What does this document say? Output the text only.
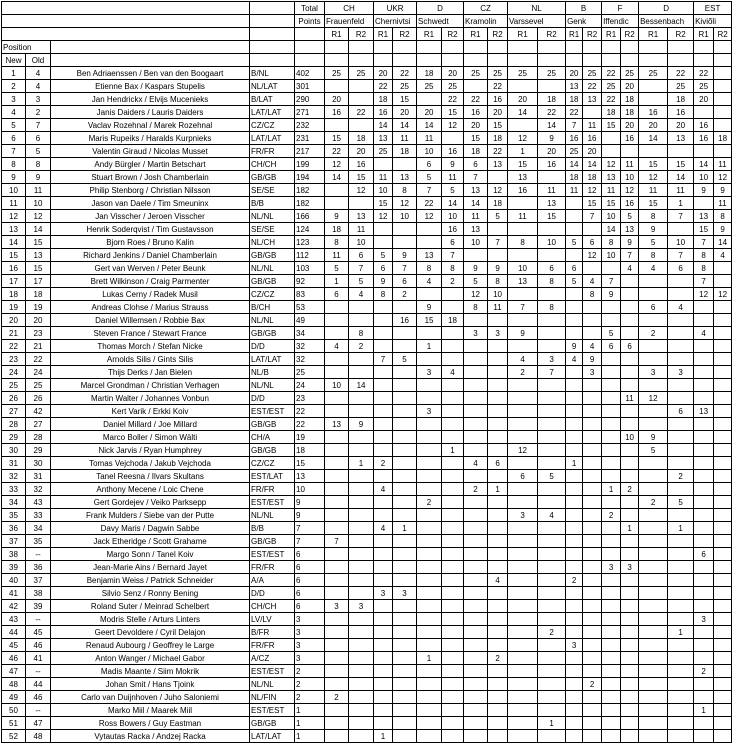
				Total	CH		UKR		D		CZ		NL		B		F		D		EST	
				Points	Frauenfeld		Chernivtsi		Schwedt		Kramolin		Varssevel		Genk		Iffendic		Bessenbach		Kiviõli	
					R1	R2	R1	R2	R1	R2	R1	R2	R1	R2	R1	R2	R1	R2	R1	R2	R1	R2
Position																						
New	Old																					
1	4	Ben Adriaenssen / Ben van den Boogaart	B/NL	402	25	25	20	22	18	20	25	25	25	25	20	25	22	25	25	22	22	
2	4	Etienne Bax / Kaspars Stupelis	NL/LAT	301			22	25	25	25		22			13	22	25	20		25	25	
3	3	Jan Hendrickx / Elvijs Mucenieks	B/LAT	290	20		18	15		22	22	16	20	18	18	13	22	18		18	20	
4	2	Janis Daiders / Lauris Daiders	LAT/LAT	271	16	22	16	20	20	15	16	20	14	22	22		18	18	16	16		
5	7	Vaclav Rozehnal / Marek Rozehnal	CZ/CZ	232			14	14	14	12	20	15		14	7	11	15	20	20	20	16	
6	6	Maris Rupeiks / Haralds Kurpnieks	LAT/LAT	231	15	18	13	11	11		15	18	12	9	16	16		16	14	13	16	18
7	5	Valentin Giraud / Nicolas Musset	FR/FR	217	22	20	25	18	10	16	18	22	1	20	25	20						
8	8	Andy Bürgler / Martin Betschart	CH/CH	199	12	16			6	9	6	13	15	16	14	14	12	11	15	15	14	11
9	9	Stuart Brown / Josh Chamberlain	GB/GB	194	14	15	11	13	5	11	7		13		18	18	13	10	12	14	10	12
10	11	Philip Stenborg / Christian Nilsson	SE/SE	182		12	10	8	7	5	13	12	16	11	11	12	11	12	11	11	9	9
11	10	Jason van Daele / Tim Smeuninx	B/B	182			15	12	22	14	14	18		13		15	15	16	15	1		11
12	12	Jan Visscher / Jeroen Visscher	NL/NL	166	9	13	12	10	12	10	11	5	11	15		7	10	5	8	7	13	8
13	14	Henrik Soderqvist / Tim Gustavsson	SE/SE	124	18	11				16	13						14	13	9		15	9
14	15	Bjorn Roes / Bruno Kalin	NL/CH	123	8	10				6	10	7	8	10	5	6	8	9	5	10	7	14
15	13	Richard Jenkins / Daniel Chamberlain	GB/GB	112	11	6	5	9	13	7						12	10	7	8	7	8	4
16	15	Gert van Werven / Peter Beunk	NL/NL	103	5	7	6	7	8	8	9	9	10	6	6			4	4	6	8	
17	17	Brett Wilkinson / Craig Parmenter	GB/GB	92	1	5	9	6	4	2	5	8	13	8	5	4	7				7	
18	18	Lukas Cerny / Radek Musil	CZ/CZ	83	6	4	8	2			12	10				8	9				12	12
19	19	Andreas Clohse / Marius Strauss	B/CH	53					9		8	11	7	8					6	4		
20	20	Daniel Willemsen / Robbie Bax	NL/NL	49				16	15	18												
21	23	Steven France / Stewart France	GB/GB	34		8					3	3	9				5		2		4	
22	21	Thomas Morch / Stefan Nicke	D/D	32	4	2			1						9	4	6	6				
23	22	Arnolds Silis / Gints Silis	LAT/LAT	32			7	5					4	3	4	9						
24	24	Thijs Derks / Jan Bielen	NL/B	25					3	4			2	7		3			3	3		
25	25	Marcel Grondman / Christian Verhagen	NL/NL	24	10	14																
26	26	Martin Walter / Johannes Vonbun	D/D	23														11	12			
27	42	Kert Varik / Erkki Koiv	EST/EST	22					3											6	13	
28	27	Daniel Millard / Joe Millard	GB/GB	22	13	9																
29	28	Marco Boller / Simon Wälti	CH/A	19														10	9			
30	29	Nick Jarvis / Ryan Humphrey	GB/GB	18						1			12						5			
31	30	Tomas Vejchoda / Jakub Vejchoda	CZ/CZ	15		1	2				4	6			1							
32	31	Tanel Reesna / Ilvars Skultans	EST/LAT	13									6	5						2		
33	32	Anthony Mecene / Loic Chene	FR/FR	10			4				2	1					1	2				
34	43	Gert Gordejev / Veiko Parksepp	EST/EST	9					2										2	5		
35	33	Frank Mulders / Siebe van der Putte	NL/NL	9									3	4			2					
36	34	Davy Maris / Dagwin Sabbe	B/B	7			4	1										1		1		
37	35	Jack Etheridge / Scott Grahame	GB/GB	7	7																	
38	--	Margo Sonn / Tanel Koiv	EST/EST	6																	6	
39	36	Jean-Marie Ains / Bernard Jayet	FR/FR	6													3	3				
40	37	Benjamin Weiss / Patrick Schneider	A/A	6								4			2							
41	38	Silvio Senz / Ronny Bening	D/D	6			3	3														
42	39	Roland Suter / Meinrad Schelbert	CH/CH	6	3	3																
43	--	Modris Stelle / Arturs Linters	LV/LV	3																	3	
44	45	Geert Devoldere / Cyril Delajon	B/FR	3										2						1		
45	46	Renaud Aubourg / Geoffrey le Large	FR/FR	3											3							
46	41	Anton Wanger / Michael Gabor	A/CZ	3					1			2										
47	--	Madis Maante / Siim Mokrik	EST/EST	2																	2	
48	44	Johan Smit / Hans Tjoink	NL/NL	2												2						
49	46	Carlo van Duijnhoven / Juho Saloniemi	NL/FIN	2	2																	
50	--	Marko Miil / Maarek Miil	EST/EST	1																	1	
51	47	Ross Bowers / Guy Eastman	GB/GB	1										1								
52	48	Vytautas Racka / Andzej Racka	LAT/LAT	1			1															
